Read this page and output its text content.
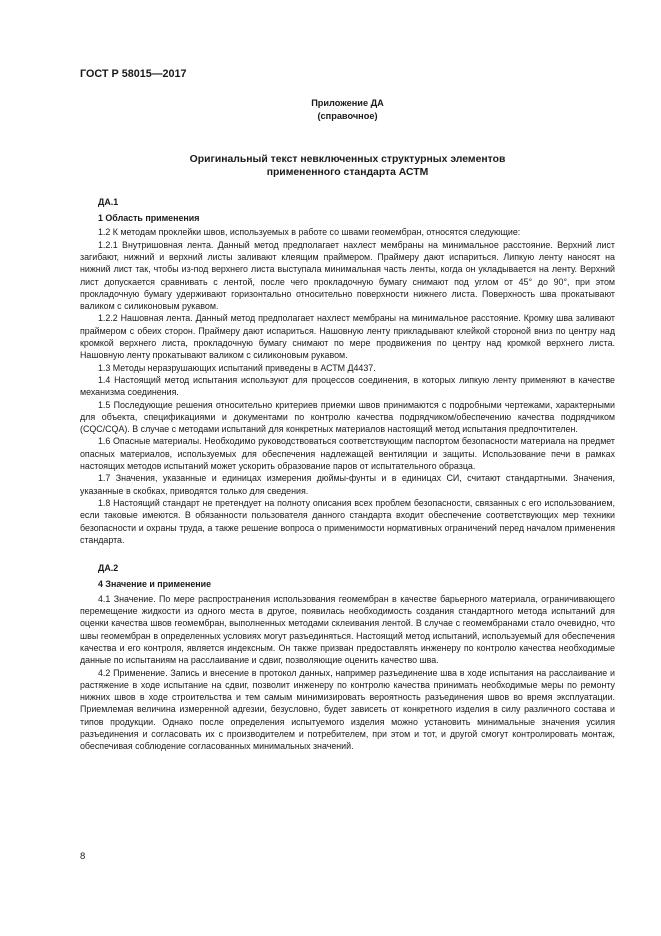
ГОСТ Р 58015—2017
Приложение ДА
(справочное)
Оригинальный текст невключенных структурных элементов
примененного стандарта АСТМ
ДА.1
1 Область применения

1.2 К методам проклейки швов, используемых в работе со швами геомембран, относятся следующие:

1.2.1 Внутришовная лента. Данный метод предполагает нахлест мембраны на минимальное расстояние. Верхний лист загибают, нижний и верхний листы заливают клеящим праймером. Праймеру дают испариться. Липкую ленту наносят на нижний лист так, чтобы из-под верхнего листа выступала минимальная часть ленты, когда он укладывается на ленту. Верхний лист допускается сравнивать с лентой, после чего прокладочную бумагу снимают под углом от 45° до 90°, при этом прокладочную бумагу удерживают горизонтально относительно поверхности нижнего листа. Поверхность шва прокатывают валиком с силиконовым рукавом.

1.2.2 Нашовная лента. Данный метод предполагает нахлест мембраны на минимальное расстояние. Кромку шва заливают праймером с обеих сторон. Праймеру дают испариться. Нашовную ленту прикладывают клейкой стороной вниз по центру над кромкой верхнего листа, прокладочную бумагу снимают по мере продвижения по центру над кромкой верхнего листа. Нашовную ленту прокатывают валиком с силиконовым рукавом.

1.3 Методы неразрушающих испытаний приведены в АСТМ Д4437.

1.4 Настоящий метод испытания используют для процессов соединения, в которых липкую ленту применяют в качестве механизма соединения.

1.5 Последующие решения относительно критериев приемки швов принимаются с подробными чертежами, характерными для объекта, спецификациями и документами по контролю качества подрядчиком/обеспечению качества подрядчиком (CQC/CQA). В случае с методами испытаний для конкретных материалов настоящий метод испытания предпочтителен.

1.6 Опасные материалы. Необходимо руководствоваться соответствующим паспортом безопасности материала на предмет опасных материалов, используемых для обеспечения надлежащей вентиляции и защиты. Использование печи в рамках настоящих методов испытаний может ускорить образование паров от испытательного образца.

1.7 Значения, указанные и единицах измерения дюймы-фунты и в единицах СИ, считают стандартными. Значения, указанные в скобках, приводятся только для сведения.

1.8 Настоящий стандарт не претендует на полноту описания всех проблем безопасности, связанных с его использованием, если таковые имеются. В обязанности пользователя данного стандарта входит обеспечение соответствующих мер техники безопасности и охраны труда, а также решение вопроса о применимости нормативных ограничений перед началом применения стандарта.

ДА.2
4 Значение и применение

4.1 Значение. По мере распространения использования геомембран в качестве барьерного материала, ограничивающего перемещение жидкости из одного места в другое, появилась необходимость создания стандартного метода испытаний для оценки качества швов геомембран, выполненных методами склеивания лентой. В случае с геомембранами стало очевидно, что швы геомембран в определенных условиях могут разъединяться. Настоящий метод испытаний, используемый для обеспечения качества и его контроля, является индексным. Он также призван предоставлять инженеру по контролю качества необходимые данные по испытаниям на расслаивание и сдвиг, позволяющие оценить качество шва.

4.2 Применение. Запись и внесение в протокол данных, например разъединение шва в ходе испытания на расслаивание и растяжение в ходе испытание на сдвиг, позволит инженеру по контролю качества принимать необходимые меры по ремонту нижних швов в ходе строительства и тем самым минимизировать вероятность разъединения швов во время эксплуатации. Приемлемая величина измеренной адгезии, безусловно, будет зависеть от конкретного изделия в силу различного состава и типов продукции. Однако после определения испытуемого изделия можно установить минимальные значения усилия разъединения и согласовать их с производителем и потребителем, при этом и тот, и другой смогут контролировать монтаж, обеспечивая соблюдение согласованных минимальных значений.

8
